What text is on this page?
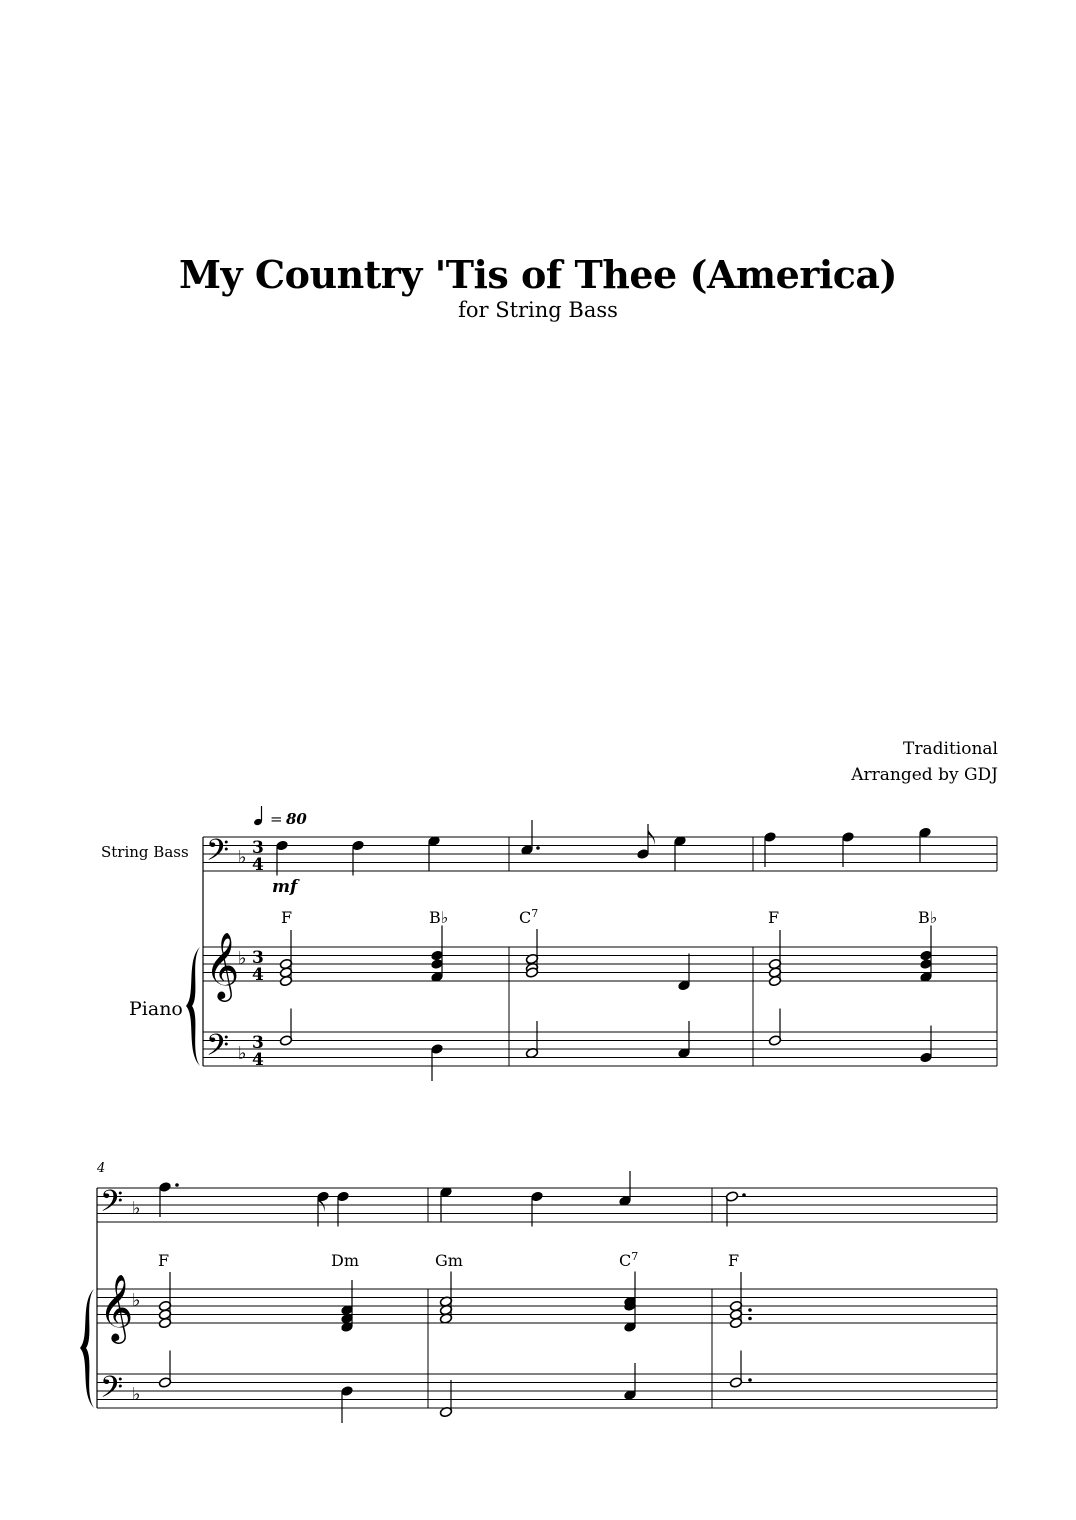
My Country 'Tis of Thee (America)
for String Bass
Traditional
Arranged by GDJ
𝄢
𝄞
𝄢
𝄢
𝄞
𝄢
♭
♭
♭
♭
♭
♭
3
4
3
4
3
4
String Bass
Piano
= 80
mf
4
F	B♭	$C^7$	F	B♭
F	Dm	Gm	$C^7$	F
